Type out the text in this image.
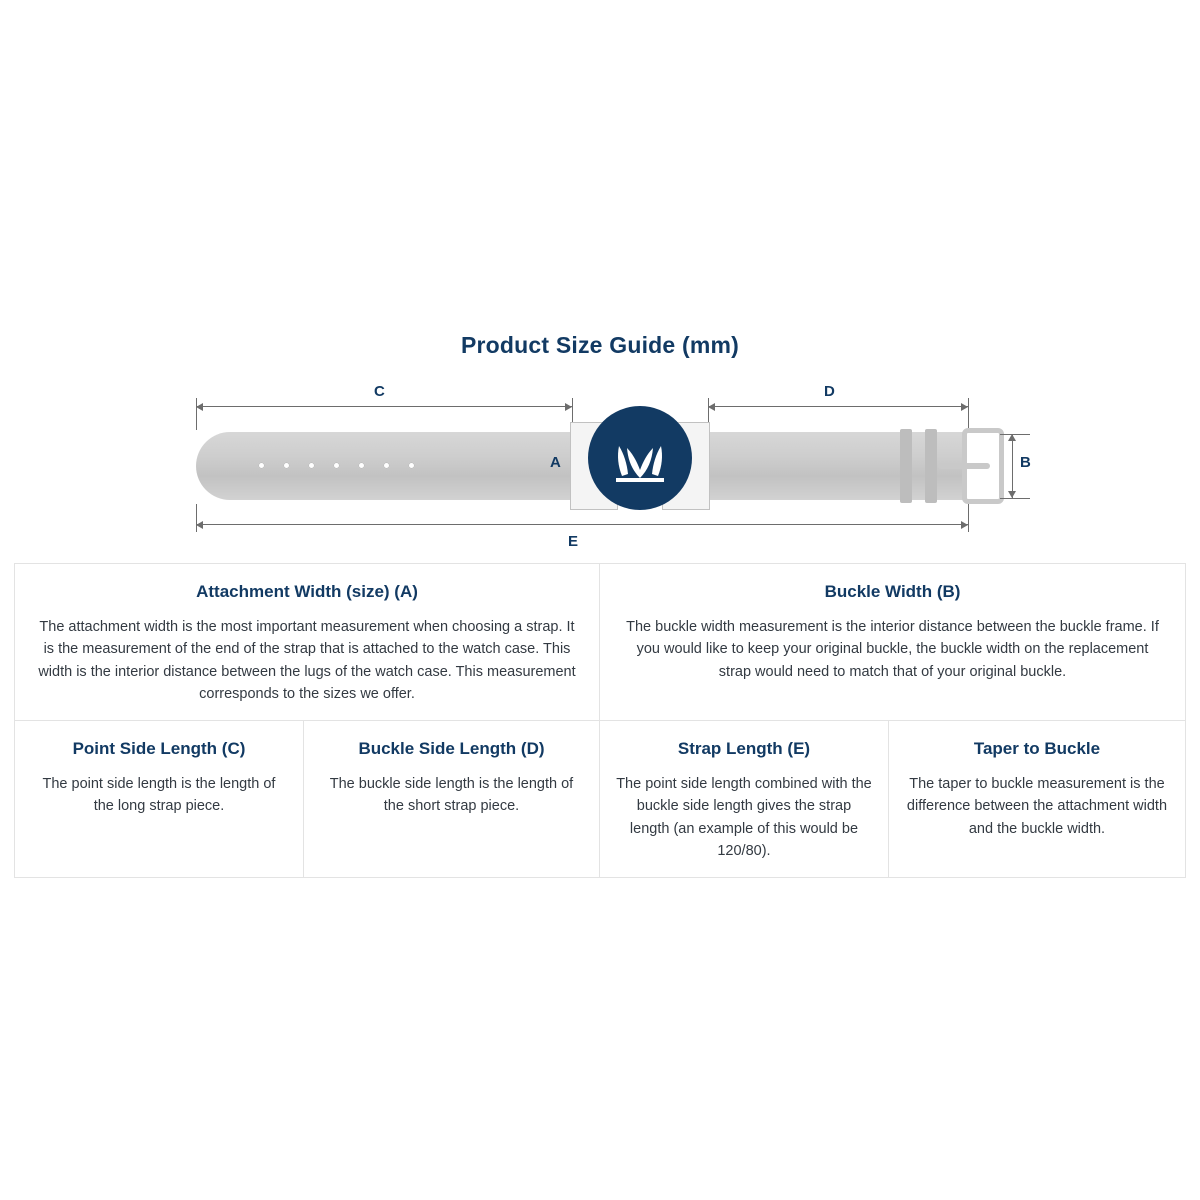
Product Size Guide (mm)
C	D
A	B
E
Attachment Width (size) (A)
The attachment width is the most important measurement when choosing a strap. It is the measurement of the end of the strap that is attached to the watch case. This width is the interior distance between the lugs of the watch case. This measurement corresponds to the sizes we offer.
Buckle Width (B)
The buckle width measurement is the interior distance between the buckle frame. If you would like to keep your original buckle, the buckle width on the replacement strap would need to match that of your original buckle.
Point Side Length (C)
The point side length is the length of the long strap piece.
Buckle Side Length (D)
The buckle side length is the length of the short strap piece.
Strap Length (E)
The point side length combined with the buckle side length gives the strap length (an example of this would be 120/80).
Taper to Buckle
The taper to buckle measurement is the difference between the attachment width and the buckle width.
